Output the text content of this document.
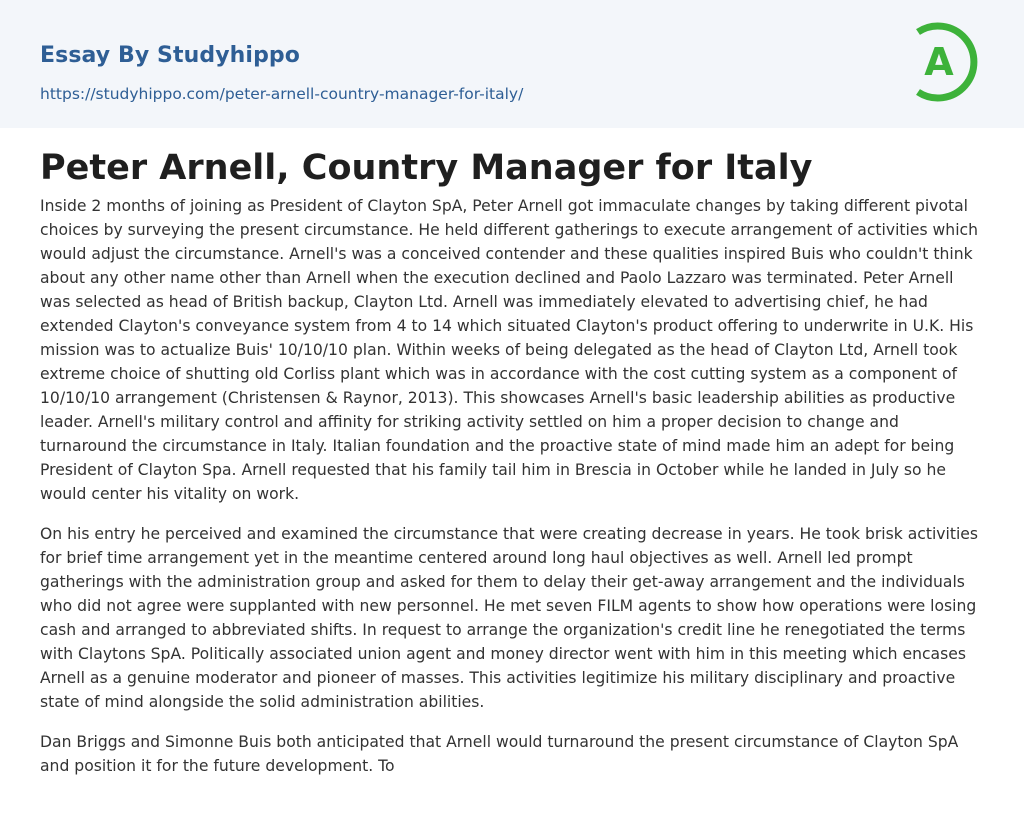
Essay By Studyhippo
https://studyhippo.com/peter-arnell-country-manager-for-italy/
A
Peter Arnell, Country Manager for Italy

Inside 2 months of joining as President of Clayton SpA, Peter Arnell got immaculate changes by taking different pivotal choices by surveying the present circumstance. He held different gatherings to execute arrangement of activities which would adjust the circumstance. Arnell's was a conceived contender and these qualities inspired Buis who couldn't think about any other name other than Arnell when the execution declined and Paolo Lazzaro was terminated. Peter Arnell was selected as head of British backup, Clayton Ltd. Arnell was immediately elevated to advertising chief, he had extended Clayton's conveyance system from 4 to 14 which situated Clayton's product offering to underwrite in U.K. His mission was to actualize Buis' 10/10/10 plan. Within weeks of being delegated as the head of Clayton Ltd, Arnell took extreme choice of shutting old Corliss plant which was in accordance with the cost cutting system as a component of 10/10/10 arrangement (Christensen & Raynor, 2013). This showcases Arnell's basic leadership abilities as productive leader. Arnell's military control and affinity for striking activity settled on him a proper decision to change and turnaround the circumstance in Italy. Italian foundation and the proactive state of mind made him an adept for being President of Clayton Spa. Arnell requested that his family tail him in Brescia in October while he landed in July so he would center his vitality on work.

On his entry he perceived and examined the circumstance that were creating decrease in years. He took brisk activities for brief time arrangement yet in the meantime centered around long haul objectives as well. Arnell led prompt gatherings with the administration group and asked for them to delay their get-away arrangement and the individuals who did not agree were supplanted with new personnel. He met seven FILM agents to show how operations were losing cash and arranged to abbreviated shifts. In request to arrange the organization's credit line he renegotiated the terms with Claytons SpA. Politically associated union agent and money director went with him in this meeting which encases Arnell as a genuine moderator and pioneer of masses. This activities legitimize his military disciplinary and proactive state of mind alongside the solid administration abilities.

Dan Briggs and Simonne Buis both anticipated that Arnell would turnaround the present circumstance of Clayton SpA and position it for the future development. To
